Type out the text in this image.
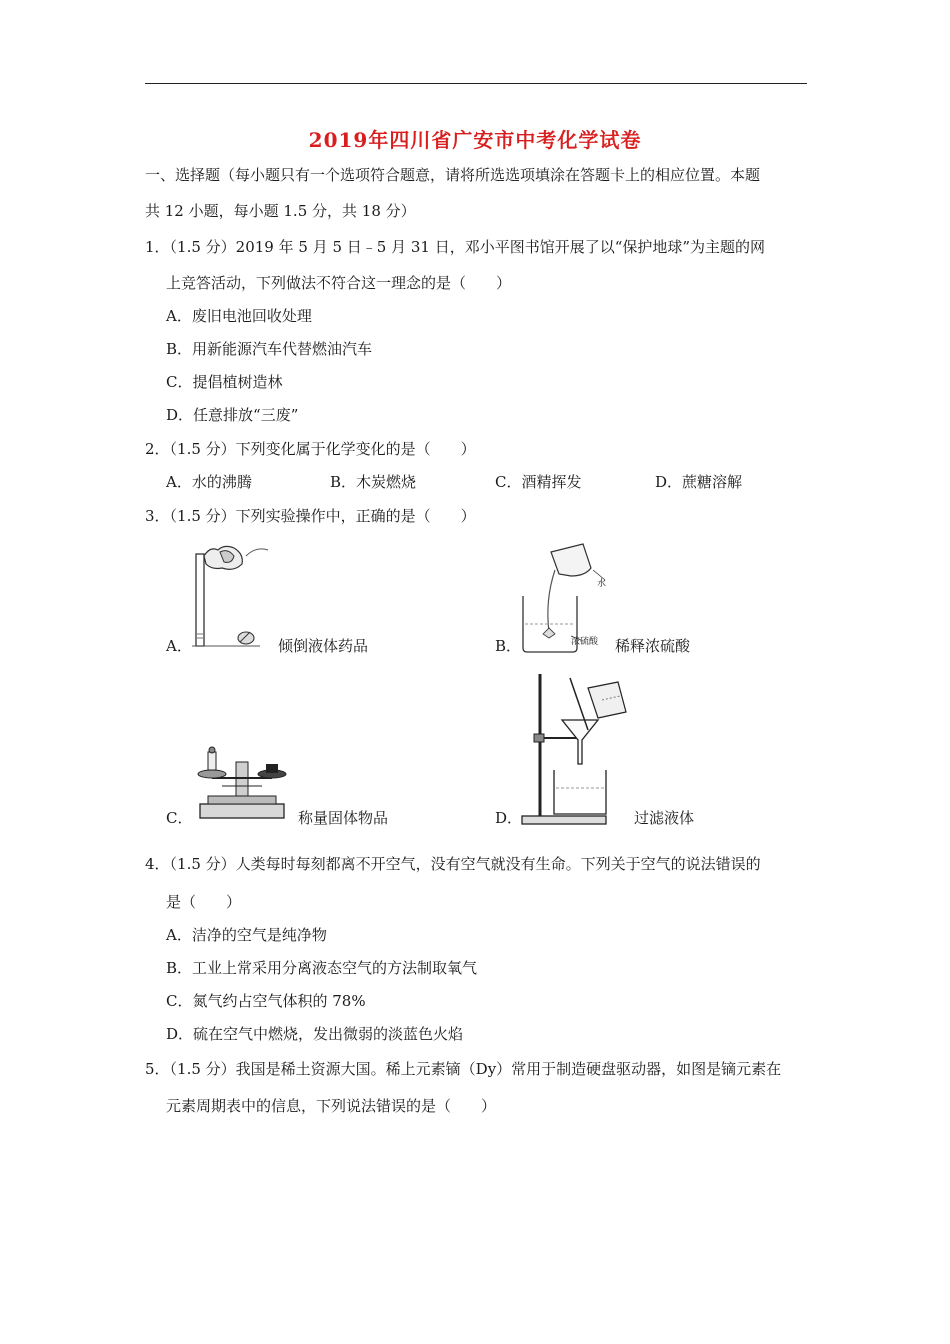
2019年四川省广安市中考化学试卷
一、选择题（每小题只有一个选项符合题意，请将所选选项填涂在答题卡上的相应位置。本题
共 12 小题，每小题 1.5 分，共 18 分）
1．（1.5 分）2019 年 5 月 5 日﹣5 月 31 日，邓小平图书馆开展了以“保护地球”为主题的网
上竞答活动，下列做法不符合这一理念的是（　　）
A．废旧电池回收处理
B．用新能源汽车代替燃油汽车
C．提倡植树造林
D．任意排放“三废”
2．（1.5 分）下列变化属于化学变化的是（　　）
A．水的沸腾	B．木炭燃烧	C．酒精挥发	D．蔗糖溶解
3．（1.5 分）下列实验操作中，正确的是（　　）
A．	倾倒液体药品	B．
水
浓硫酸 稀释浓硫酸
C．	称量固体物品	D．	过滤液体
4．（1.5 分）人类每时每刻都离不开空气，没有空气就没有生命。下列关于空气的说法错误的
是（　　）
A．洁净的空气是纯净物
B．工业上常采用分离液态空气的方法制取氧气
C．氮气约占空气体积的 78%
D．硫在空气中燃烧，发出微弱的淡蓝色火焰
5．（1.5 分）我国是稀土资源大国。稀上元素镝（Dy）常用于制造硬盘驱动器，如图是镝元素在
元素周期表中的信息，下列说法错误的是（　　）
